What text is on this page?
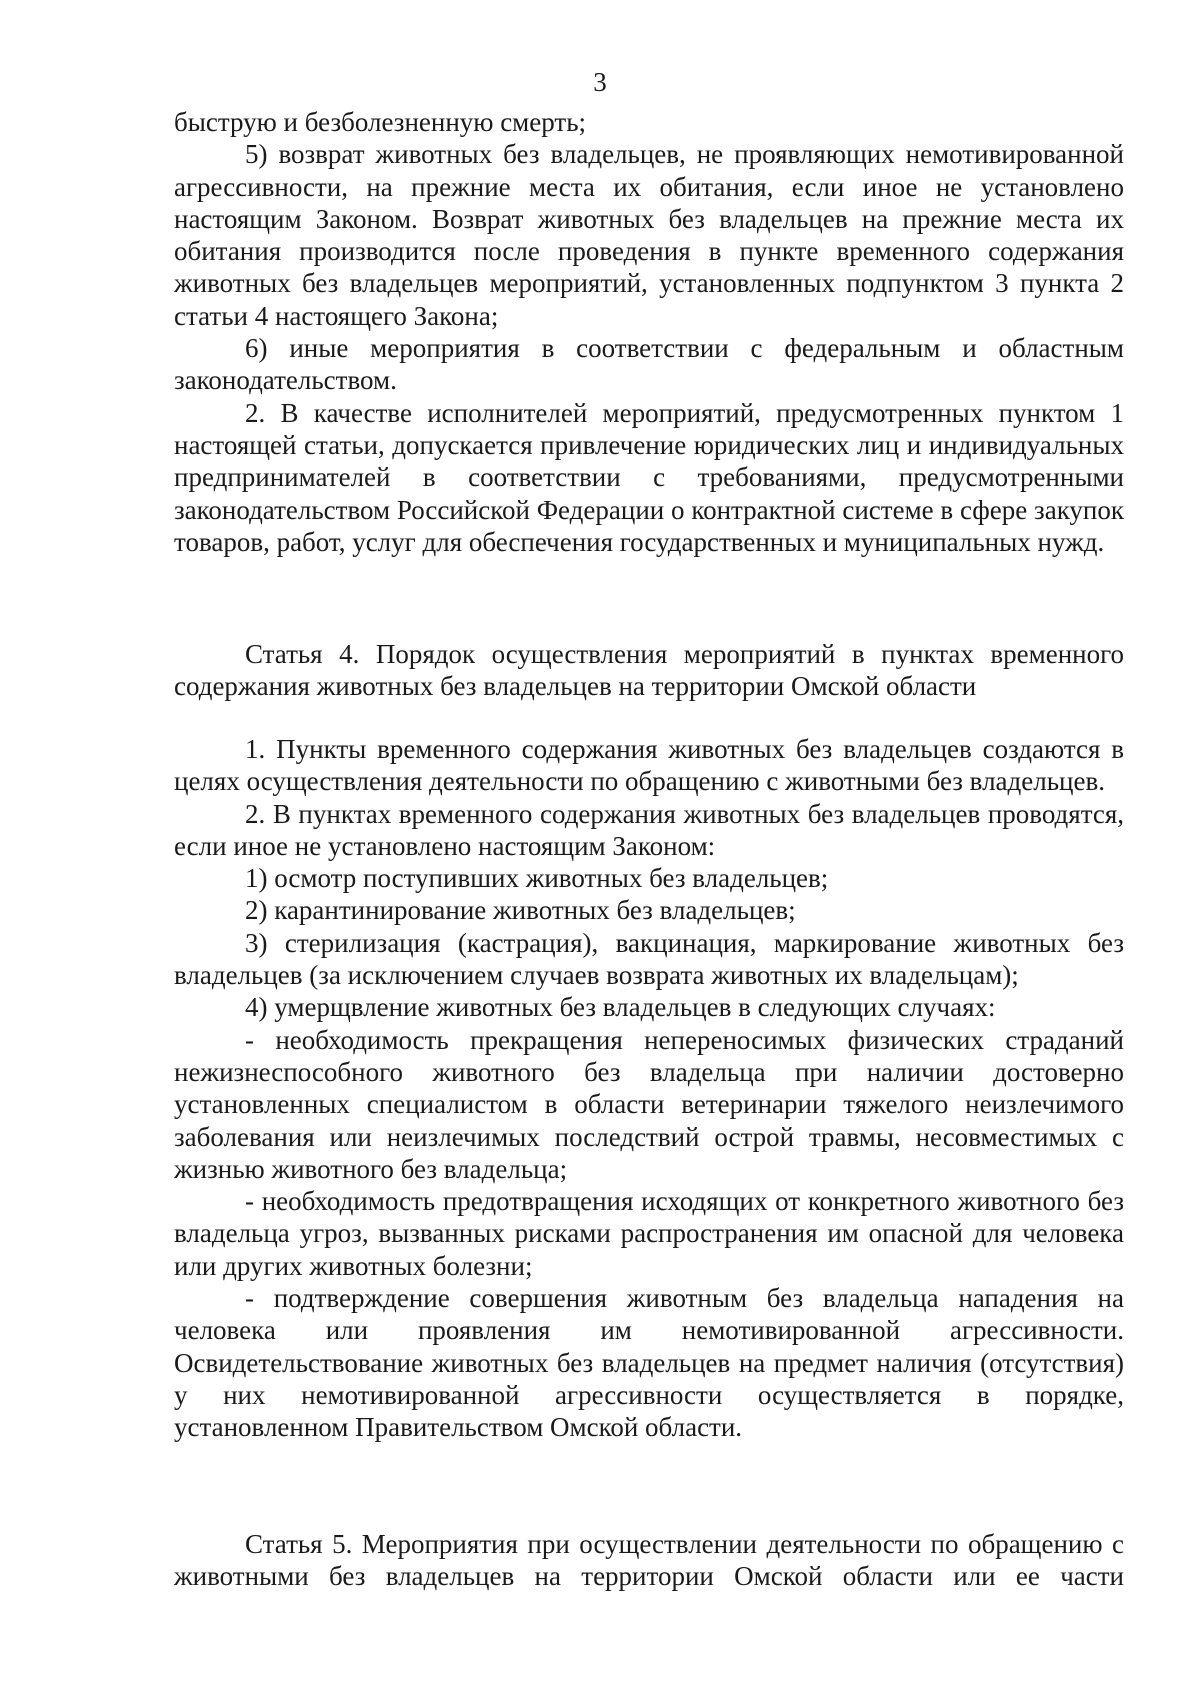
3

быструю и безболезненную смерть;

5) возврат животных без владельцев, не проявляющих немотивированной агрессивности, на прежние места их обитания, если иное не установлено настоящим Законом. Возврат животных без владельцев на прежние места их обитания производится после проведения в пункте временного содержания животных без владельцев мероприятий, установленных подпунктом 3 пункта 2 статьи 4 настоящего Закона;

6) иные мероприятия в соответствии с федеральным и областным законодательством.

2. В качестве исполнителей мероприятий, предусмотренных пунктом 1 настоящей статьи, допускается привлечение юридических лиц и индивидуальных предпринимателей в соответствии с требованиями, предусмотренными законодательством Российской Федерации о контрактной системе в сфере закупок товаров, работ, услуг для обеспечения государственных и муниципальных нужд.

Статья 4. Порядок осуществления мероприятий в пунктах временного содержания животных без владельцев на территории Омской области

1. Пункты временного содержания животных без владельцев создаются в целях осуществления деятельности по обращению с животными без владельцев.

2. В пунктах временного содержания животных без владельцев проводятся, если иное не установлено настоящим Законом:

1) осмотр поступивших животных без владельцев;

2) карантинирование животных без владельцев;

3) стерилизация (кастрация), вакцинация, маркирование животных без владельцев (за исключением случаев возврата животных их владельцам);

4) умерщвление животных без владельцев в следующих случаях:

- необходимость прекращения непереносимых физических страданий нежизнеспособного животного без владельца при наличии достоверно установленных специалистом в области ветеринарии тяжелого неизлечимого заболевания или неизлечимых последствий острой травмы, несовместимых с жизнью животного без владельца;

- необходимость предотвращения исходящих от конкретного животного без владельца угроз, вызванных рисками распространения им опасной для человека или других животных болезни;

- подтверждение совершения животным без владельца нападения на человека или проявления им немотивированной агрессивности. Освидетельствование животных без владельцев на предмет наличия (отсутствия) у них немотивированной агрессивности осуществляется в порядке, установленном Правительством Омской области.

Статья 5. Мероприятия при осуществлении деятельности по обращению с животными без владельцев на территории Омской области или ее части
